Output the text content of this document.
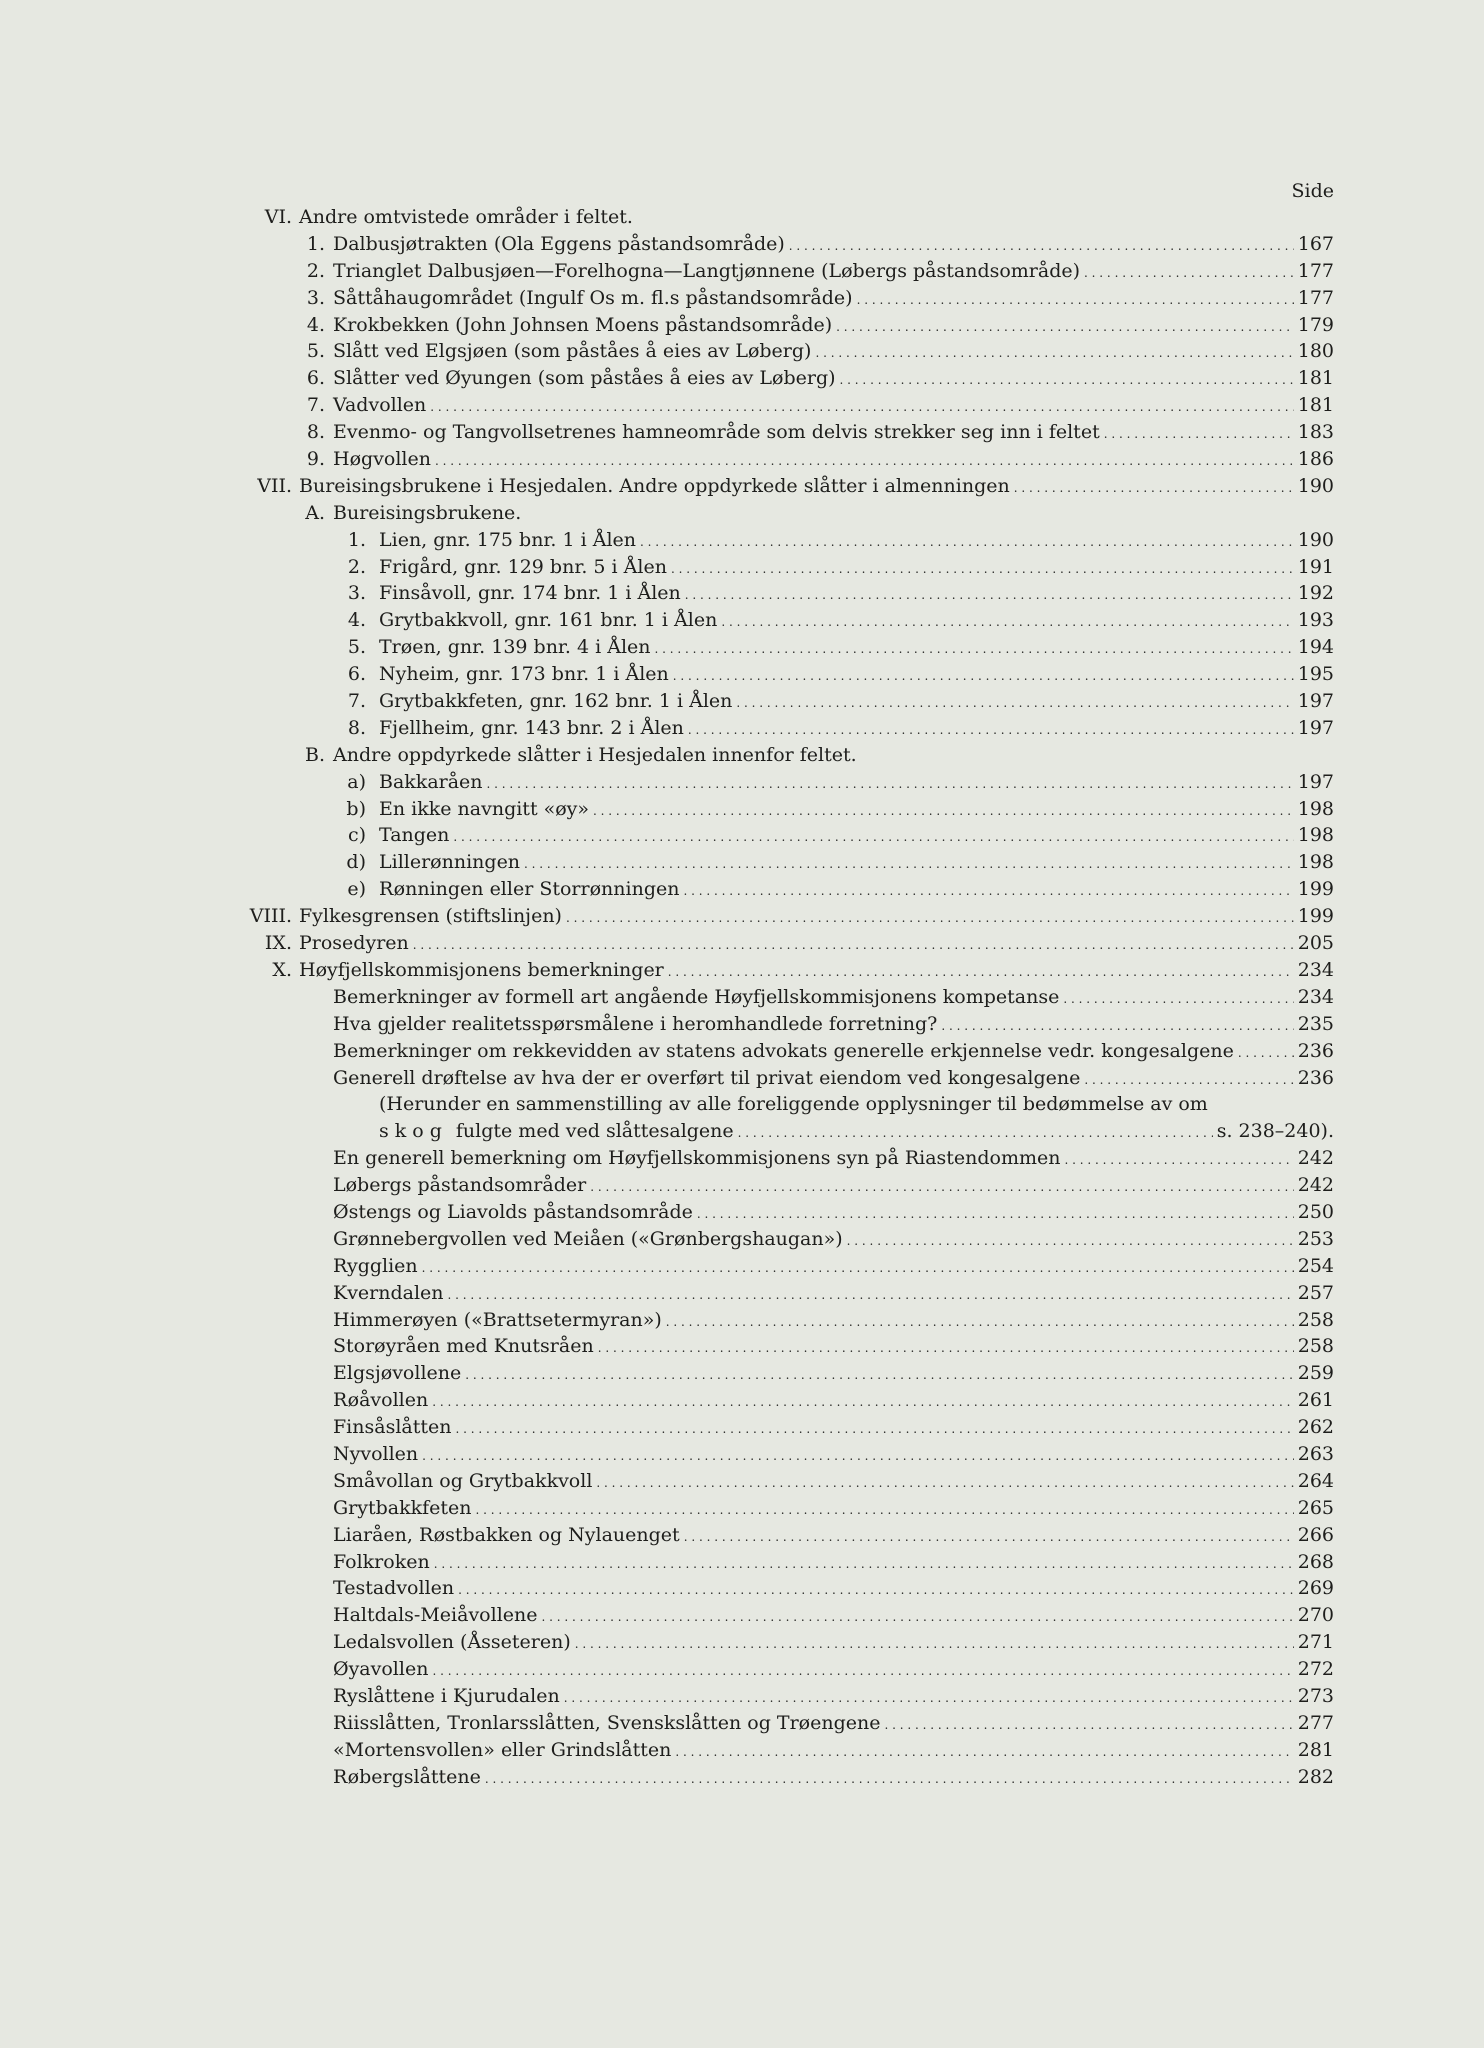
Side
VI. Andre omtvistede områder i feltet.
1. Dalbusjøtrakten (Ola Eggens påstandsområde) . . .	167
2. Trianglet Dalbusjøen—Forelhogna—Langtjønnene (Løbergs påstandsområde) . . .	177
3. Såttåhaugområdet (Ingulf Os m. fl.s påstandsområde) . . .	177
4. Krokbekken (John Johnsen Moens påstandsområde) . . .	179
5. Slått ved Elgsjøen (som påståes å eies av Løberg) . . .	180
6. Slåtter ved Øyungen (som påståes å eies av Løberg) . . .	181
7. Vadvollen . . .	181
8. Evenmo- og Tangvollsetrenes hamneområde som delvis strekker seg inn i feltet . . .	183
9. Høgvollen . . .	186
VII. Bureisingsbrukene i Hesjedalen. Andre oppdyrkede slåtter i almenningen . . .	190
A. Bureisingsbrukene.
1. Lien, gnr. 175 bnr. 1 i Ålen . . .	190
2. Frigård, gnr. 129 bnr. 5 i Ålen . . .	191
3. Finsåvoll, gnr. 174 bnr. 1 i Ålen . . .	192
4. Grytbakkvoll, gnr. 161 bnr. 1 i Ålen . . .	193
5. Trøen, gnr. 139 bnr. 4 i Ålen . . .	194
6. Nyheim, gnr. 173 bnr. 1 i Ålen . . .	195
7. Grytbakkfeten, gnr. 162 bnr. 1 i Ålen . . .	197
8. Fjellheim, gnr. 143 bnr. 2 i Ålen . . .	197
B. Andre oppdyrkede slåtter i Hesjedalen innenfor feltet.
a) Bakkaråen . . .	197
b) En ikke navngitt «øy» . . .	198
c) Tangen . . .	198
d) Lillerønningen . . .	198
e) Rønningen eller Storrønningen . . .	199
VIII. Fylkesgrensen (stiftslinjen) . . .	199
IX. Prosedyren . . .	205
X. Høyfjellskommisjonens bemerkninger . . .	234
Bemerkninger av formell art angående Høyfjellskommisjonens kompetanse . . .	234
Hva gjelder realitetsspørsmålene i heromhandlede forretning? . . .	235
Bemerkninger om rekkevidden av statens advokats generelle erkjennelse vedr. kongesalgene . . .	236
Generell drøftelse av hva der er overført til privat eiendom ved kongesalgene . . .	236
(Herunder en sammenstilling av alle foreliggende opplysninger til bedømmelse av om
skog fulgte med ved slåttesalgene . . .	s. 238–240).
En generell bemerkning om Høyfjellskommisjonens syn på Riastendommen . . .	242
Løbergs påstandsområder . . .	242
Østengs og Liavolds påstandsområde . . .	250
Grønnebergvollen ved Meiåen («Grønbergshaugan») . . .	253
Rygglien . . .	254
Kverndalen . . .	257
Himmerøyen («Brattsetermyran») . . .	258
Storøyråen med Knutsråen . . .	258
Elgsjøvollene . . .	259
Røåvollen . . .	261
Finsåslåtten . . .	262
Nyvollen . . .	263
Småvollan og Grytbakkvoll . . .	264
Grytbakkfeten . . .	265
Liaråen, Røstbakken og Nylauenget . . .	266
Folkroken . . .	268
Testadvollen . . .	269
Haltdals-Meiåvollene . . .	270
Ledalsvollen (Åsseteren) . . .	271
Øyavollen . . .	272
Ryslåttene i Kjurudalen . . .	273
Riisslåtten, Tronlarsslåtten, Svenskslåtten og Trøengene . . .	277
«Mortensvollen» eller Grindslåtten . . .	281
Røbergslåttene . . .	282
